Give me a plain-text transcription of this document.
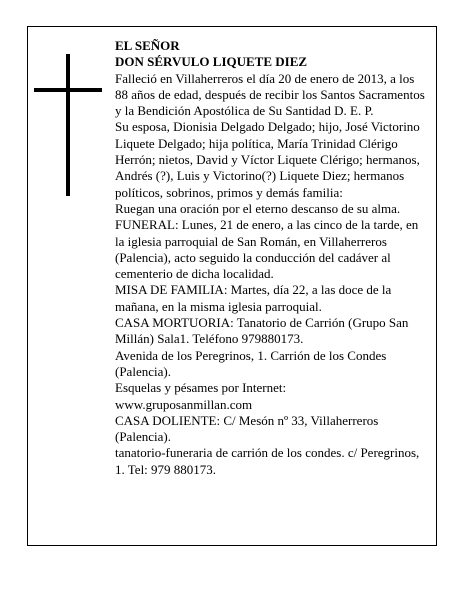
EL SEÑOR
DON SÉRVULO LIQUETE DIEZ
Falleció en Villaherreros el día 20 de enero de 2013, a los 88 años de edad, después de recibir los Santos Sacramentos y la Bendición Apostólica de Su Santidad D. E. P.
Su esposa, Dionisia Delgado Delgado; hijo, José Victorino Liquete Delgado; hija política, María Trinidad Clérigo Herrón; nietos, David y Víctor Liquete Clérigo; hermanos, Andrés (?), Luis y Victorino(?) Liquete Diez; hermanos políticos, sobrinos, primos y demás familia:
Ruegan una oración por el eterno descanso de su alma.
FUNERAL: Lunes, 21 de enero, a las cinco de la tarde, en la iglesia parroquial de San Román, en Villaherreros (Palencia), acto seguido la conducción del cadáver al cementerio de dicha localidad.
MISA DE FAMILIA: Martes, día 22, a las doce de la mañana, en la misma iglesia parroquial.
CASA MORTUORIA: Tanatorio de Carrión (Grupo San Millán) Sala1. Teléfono 979880173.
Avenida de los Peregrinos, 1. Carrión de los Condes (Palencia).
Esquelas y pésames por Internet:
www.gruposanmillan.com
CASA DOLIENTE: C/ Mesón nº 33, Villaherreros (Palencia).
tanatorio-funeraria de carrión de los condes. c/ Peregrinos, 1. Tel: 979 880173.
